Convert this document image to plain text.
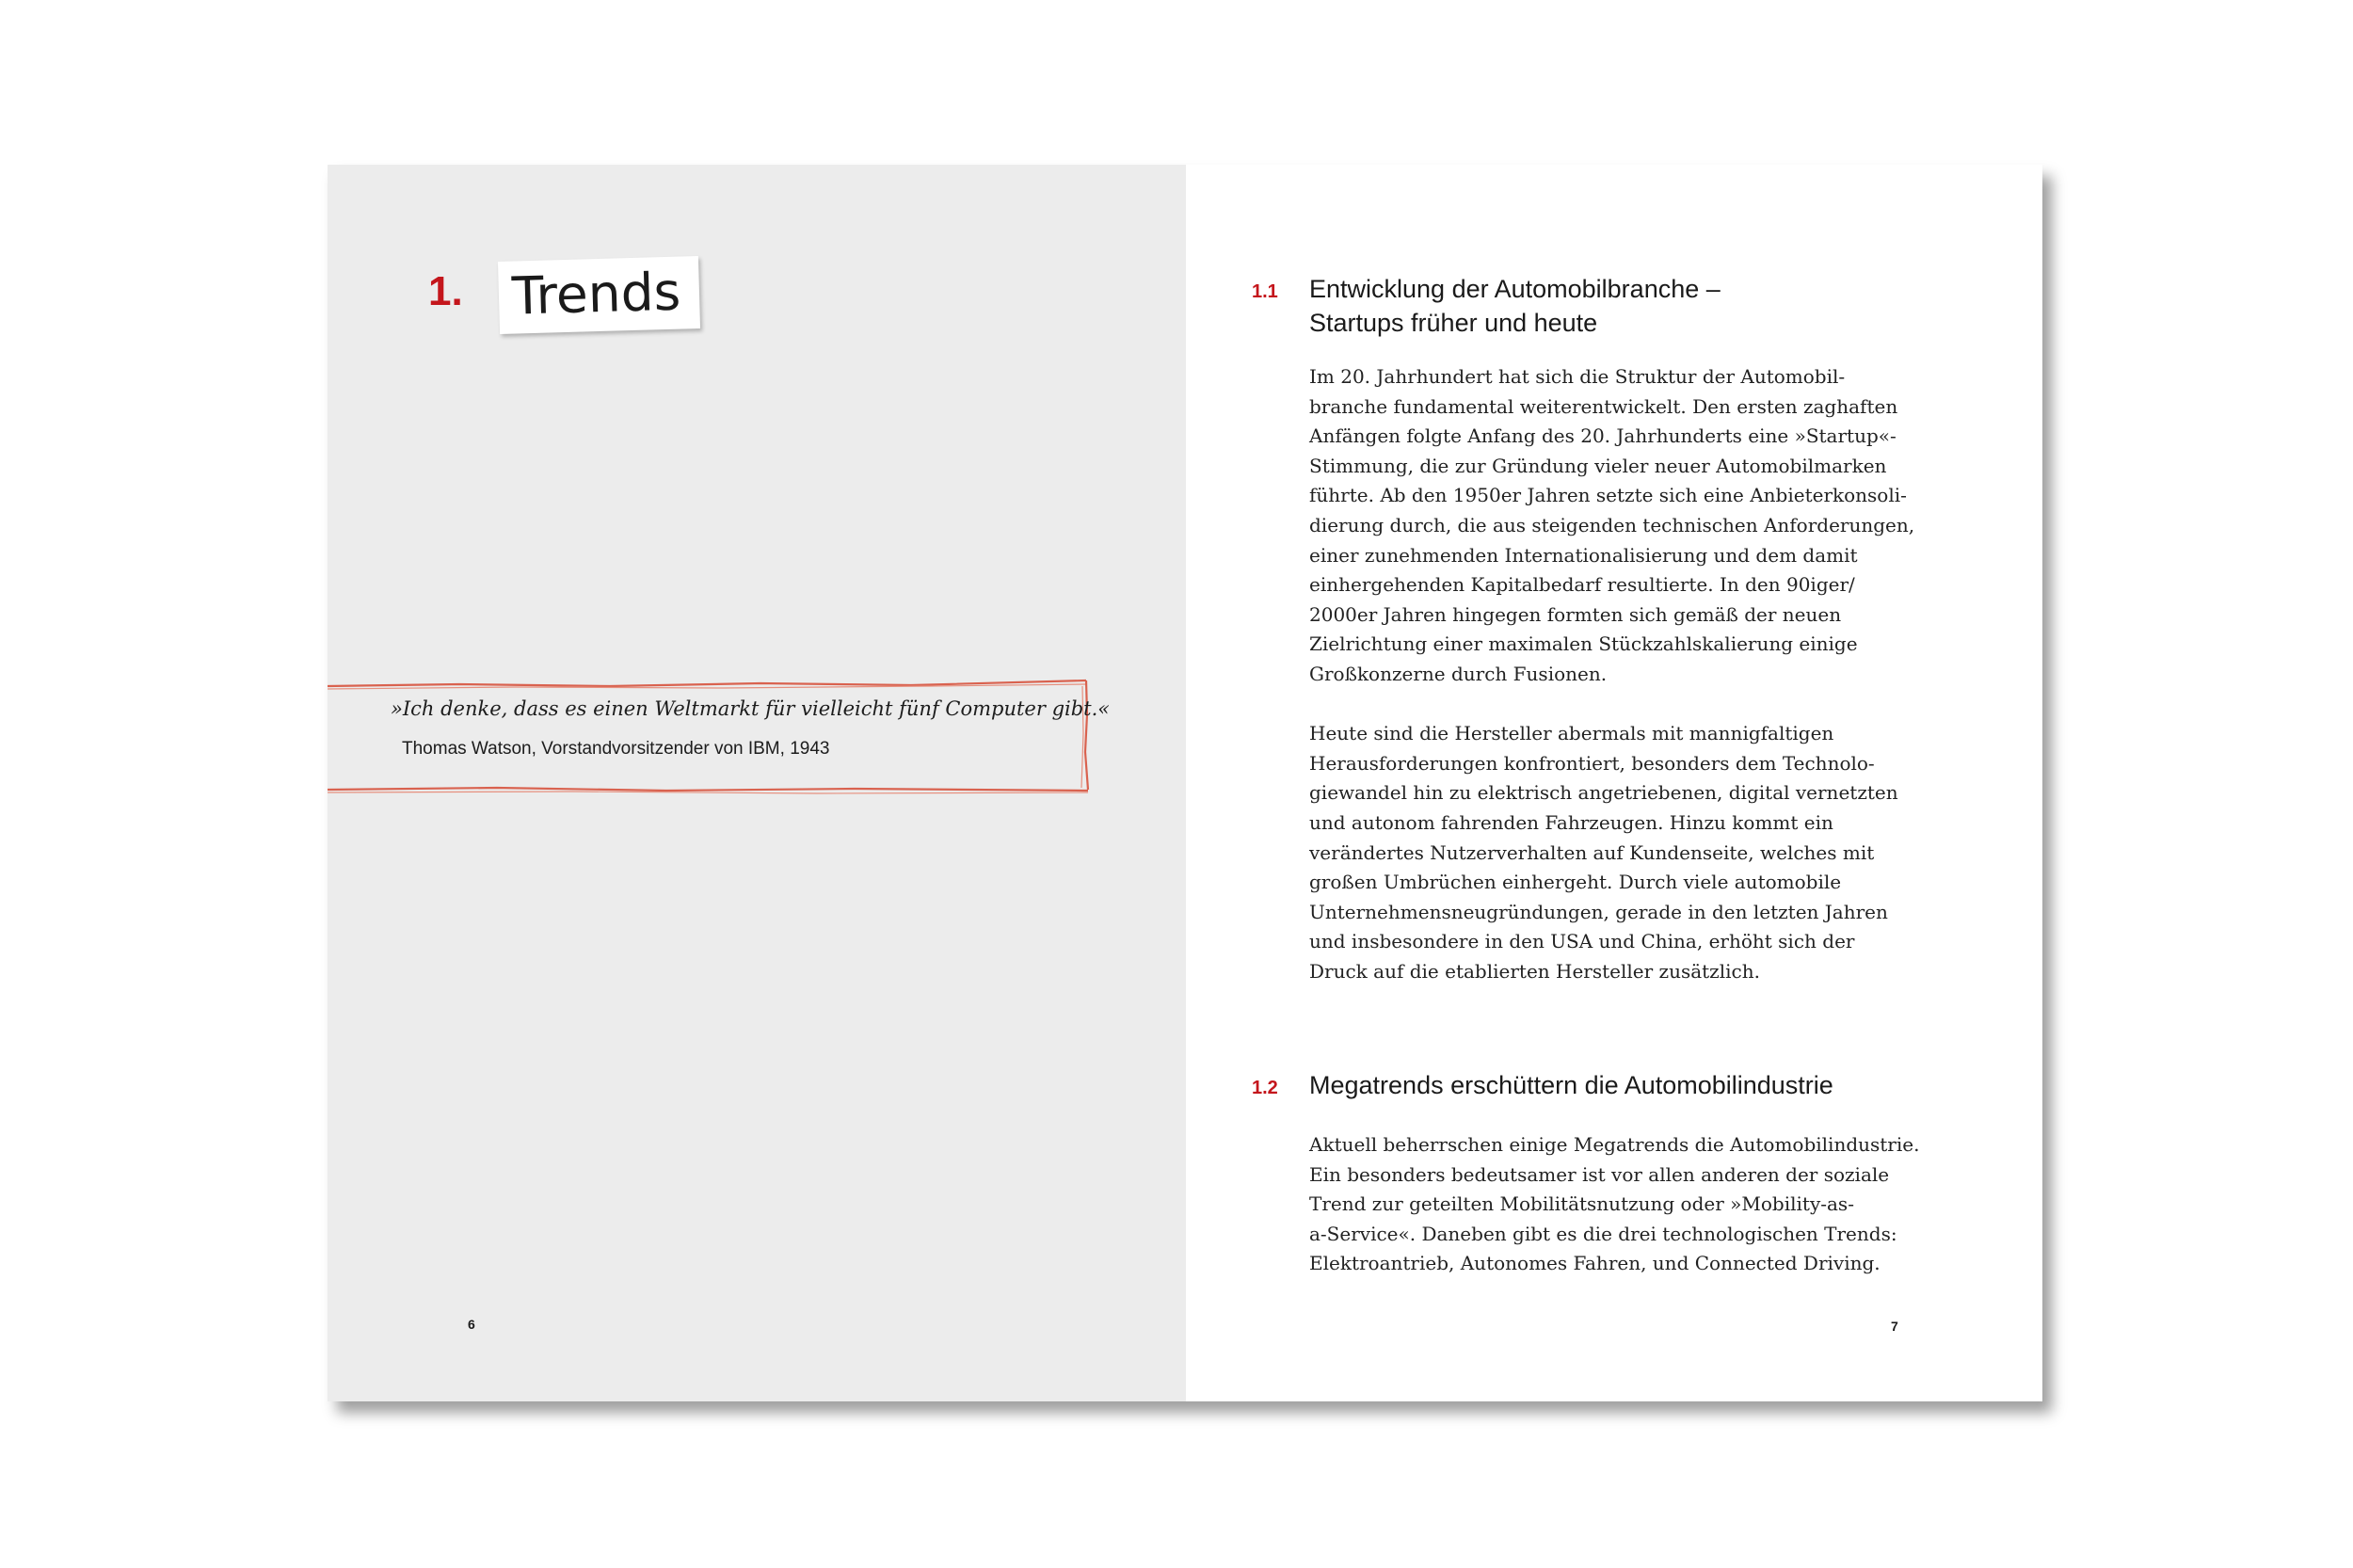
1. Trends
»Ich denke, dass es einen Weltmarkt für vielleicht fünf Computer gibt.«
Thomas Watson, Vorstandvorsitzender von IBM, 1943
6
1.1 Entwicklung der Automobilbranche –
Startups früher und heute

Im 20. Jahrhundert hat sich die Struktur der Automobil-

branche fundamental weiterentwickelt. Den ersten zaghaften

Anfängen folgte Anfang des 20. Jahrhunderts eine »Startup«-

Stimmung, die zur Gründung vieler neuer Automobilmarken

führte. Ab den 1950er Jahren setzte sich eine Anbieterkonsoli-

dierung durch, die aus steigenden technischen Anforderungen,

einer zunehmenden Internationalisierung und dem damit

einhergehenden Kapitalbedarf resultierte. In den 90iger/

2000er Jahren hingegen formten sich gemäß der neuen

Zielrichtung einer maximalen Stückzahlskalierung einige

Großkonzerne durch Fusionen.

Heute sind die Hersteller abermals mit mannigfaltigen

Herausforderungen konfrontiert, besonders dem Technolo-

giewandel hin zu elektrisch angetriebenen, digital vernetzten

und autonom fahrenden Fahrzeugen. Hinzu kommt ein

verändertes Nutzerverhalten auf Kundenseite, welches mit

großen Umbrüchen einhergeht. Durch viele automobile

Unternehmensneugründungen, gerade in den letzten Jahren

und insbesondere in den USA und China, erhöht sich der

Druck auf die etablierten Hersteller zusätzlich.

1.2 Megatrends erschüttern die Automobilindustrie

Aktuell beherrschen einige Megatrends die Automobilindustrie.

Ein besonders bedeutsamer ist vor allen anderen der soziale

Trend zur geteilten Mobilitätsnutzung oder »Mobility-as-

a-Service«. Daneben gibt es die drei technologischen Trends:

Elektroantrieb, Autonomes Fahren, und Connected Driving.

7
